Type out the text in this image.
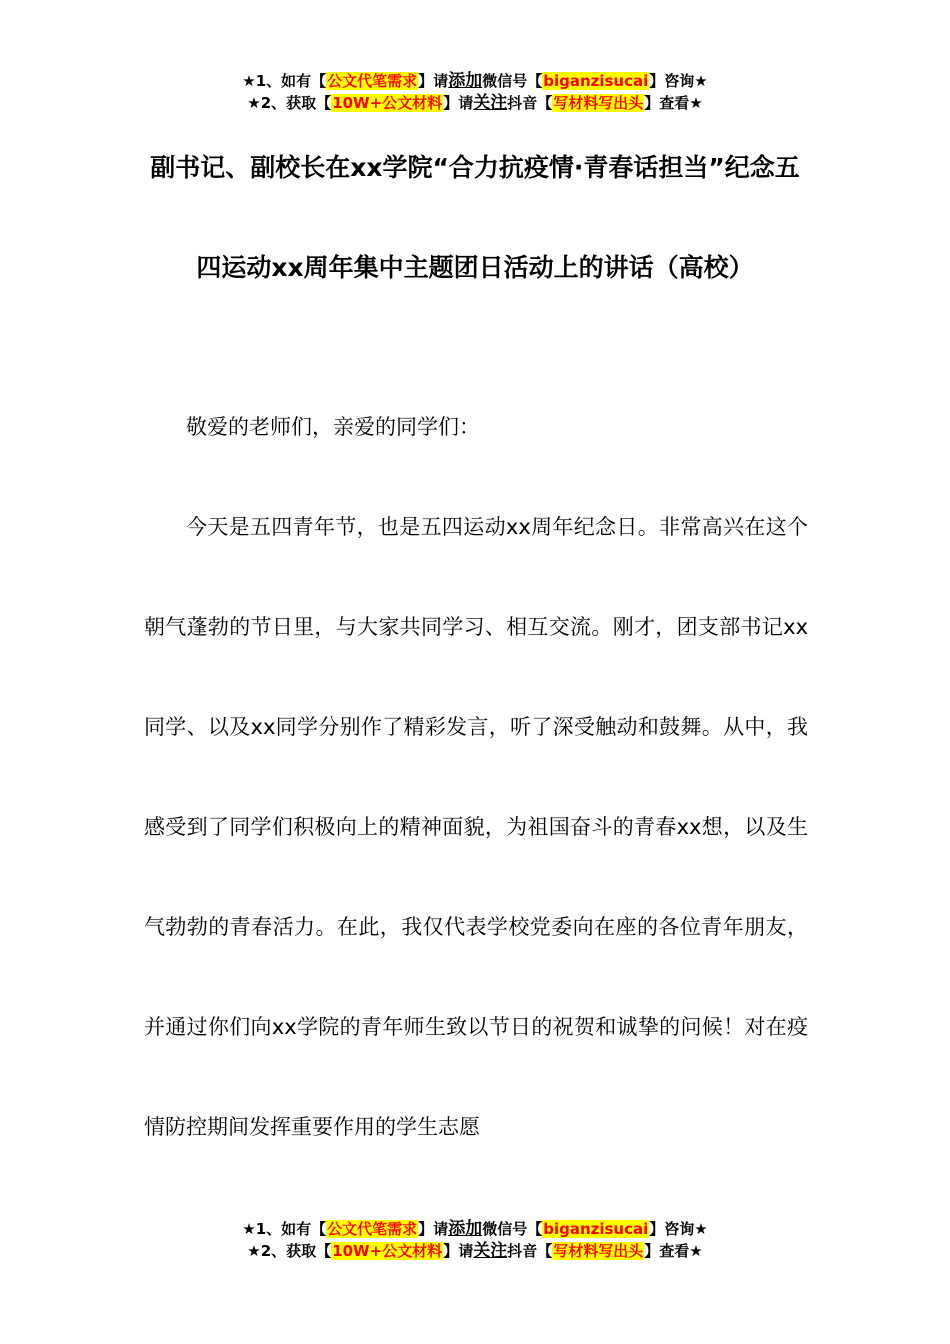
★1、如有【公文代笔需求】请添加微信号【biganzisucai】咨询★
★2、获取【10W+公文材料】请关注抖音【写材料写出头】查看★
副书记、副校长在xx学院“合力抗疫情·青春话担当”纪念五四运动xx周年集中主题团日活动上的讲话（高校）

敬爱的老师们，亲爱的同学们：

今天是五四青年节，也是五四运动xx周年纪念日。非常高兴在这个朝气蓬勃的节日里，与大家共同学习、相互交流。刚才，团支部书记xx同学、以及xx同学分别作了精彩发言，听了深受触动和鼓舞。从中，我感受到了同学们积极向上的精神面貌，为祖国奋斗的青春xx想，以及生气勃勃的青春活力。在此，我仅代表学校党委向在座的各位青年朋友，并通过你们向xx学院的青年师生致以节日的祝贺和诚挚的问候！对在疫情防控期间发挥重要作用的学生志愿

★1、如有【公文代笔需求】请添加微信号【biganzisucai】咨询★
★2、获取【10W+公文材料】请关注抖音【写材料写出头】查看★
